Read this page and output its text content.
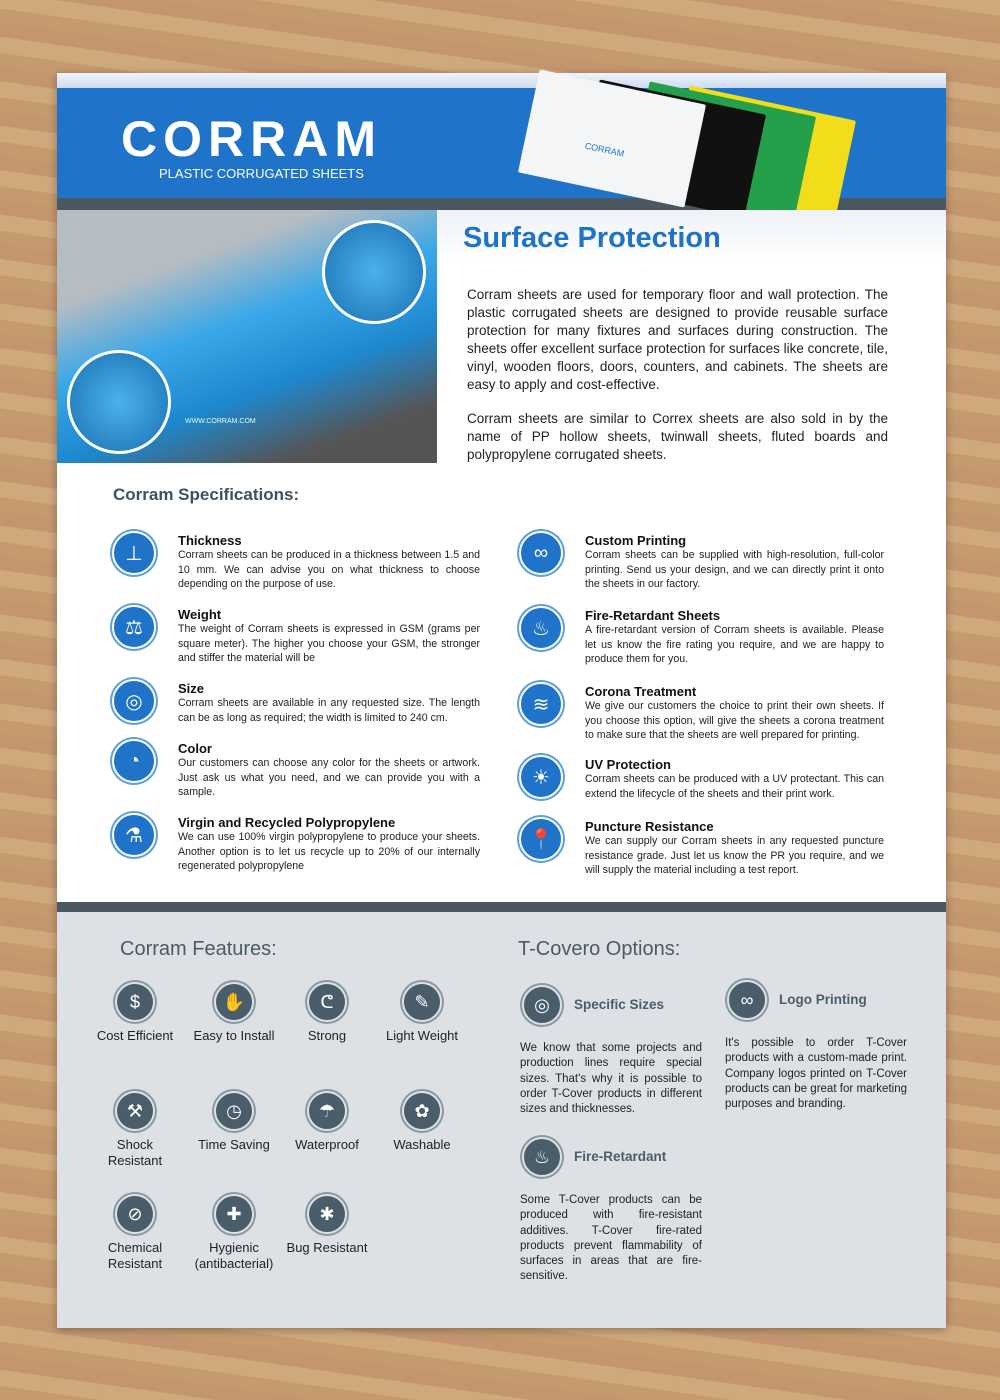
CORRAM
PLASTIC CORRUGATED SHEETS
CORRAM
WWW.CORRAM.COM
Surface Protection

Corram sheets are used for temporary floor and wall protection. The plastic corrugated sheets are designed to provide reusable surface protection for many fixtures and surfaces during construction. The sheets offer excellent surface protection for surfaces like concrete, tile, vinyl, wooden floors, doors, counters, and cabinets. The sheets are easy to apply and cost-effective.

Corram sheets are similar to Correx sheets are also sold in by the name of PP hollow sheets, twinwall sheets, fluted boards and polypropylene corrugated sheets.

Corram Specifications:
⊥
Thickness

Corram sheets can be produced in a thickness between 1.5 and 10 mm. We can advise you on what thickness to choose depending on the purpose of use.

⚖
Weight

The weight of Corram sheets is expressed in GSM (grams per square meter). The higher you choose your GSM, the stronger and stiffer the material will be

◎
Size

Corram sheets are available in any requested size. The length can be as long as required; the width is limited to 240 cm.

◔
Color

Our customers can choose any color for the sheets or artwork. Just ask us what you need, and we can provide you with a sample.

⚗
Virgin and Recycled Polypropylene

We can use 100% virgin polypropylene to produce your sheets. Another option is to let us recycle up to 20% of our internally regenerated polypropylene

∞
Custom Printing

Corram sheets can be supplied with high-resolution, full-color printing. Send us your design, and we can directly print it onto the sheets in our factory.

♨
Fire-Retardant Sheets

A fire-retardant version of Corram sheets is available. Please let us know the fire rating you require, and we are happy to produce them for you.

≋
Corona Treatment

We give our customers the choice to print their own sheets. If you choose this option, will give the sheets a corona treatment to make sure that the sheets are well prepared for printing.

☀
UV Protection

Corram sheets can be produced with a UV protectant. This can extend the lifecycle of the sheets and their print work.

📍
Puncture Resistance

We can supply our Corram sheets in any requested puncture resistance grade. Just let us know the PR you require, and we will supply the material including a test report.

Corram Features:	T-Covero Options:
$
Cost Efficient
✋
Easy to Install
ᕦ
Strong
✎
Light Weight
⚒
Shock Resistant
◷
Time Saving
☂
Waterproof
✿
Washable
⊘
Chemical Resistant
✚
Hygienic (antibacterial)
✱
Bug Resistant
◎	Specific Sizes

We know that some projects and production lines require special sizes. That's why it is possible to order T-Cover products in different sizes and thicknesses.

∞	Logo Printing

It's possible to order T-Cover products with a custom-made print. Company logos printed on T-Cover products can be great for marketing purposes and branding.

♨	Fire-Retardant

Some T-Cover products can be produced with fire-resistant additives. T-Cover fire-rated products prevent flammability of surfaces in areas that are fire-sensitive.
